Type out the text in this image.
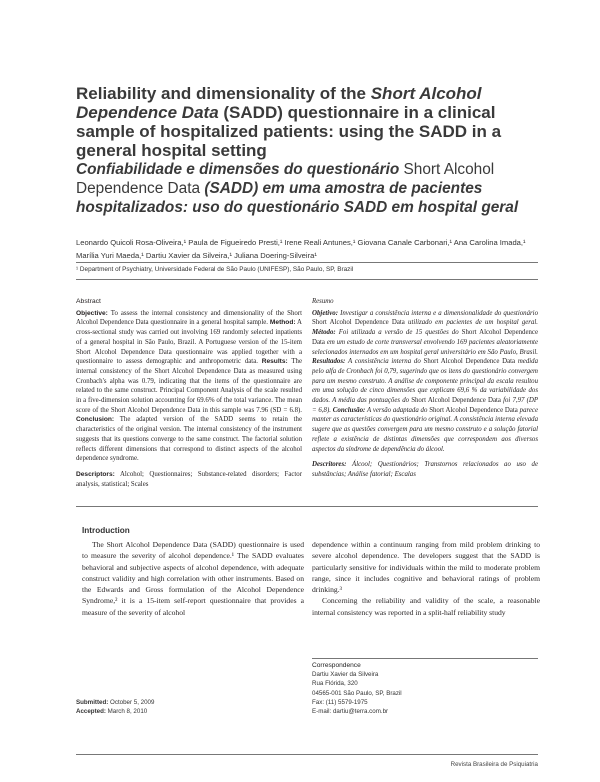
Reliability and dimensionality of the Short Alcohol Dependence Data (SADD) questionnaire in a clinical sample of hospitalized patients: using the SADD in a general hospital setting
Confiabilidade e dimensões do questionário Short Alcohol Dependence Data (SADD) em uma amostra de pacientes hospitalizados: uso do questionário SADD em hospital geral
Leonardo Quicoli Rosa-Oliveira,¹ Paula de Figueiredo Presti,¹ Irene Reali Antunes,¹ Giovana Canale Carbonari,¹ Ana Carolina Imada,¹ Marília Yuri Maeda,¹ Dartiu Xavier da Silveira,¹ Juliana Doering-Silveira¹
¹ Department of Psychiatry, Universidade Federal de São Paulo (UNIFESP), São Paulo, SP, Brazil
Abstract
Objective: To assess the internal consistency and dimensionality of the Short Alcohol Dependence Data questionnaire in a general hospital sample. Method: A cross-sectional study was carried out involving 169 randomly selected inpatients of a general hospital in São Paulo, Brazil. A Portuguese version of the 15-item Short Alcohol Dependence Data questionnaire was applied together with a questionnaire to assess demographic and anthropometric data. Results: The internal consistency of the Short Alcohol Dependence Data as measured using Cronbach's alpha was 0.79, indicating that the items of the questionnaire are related to the same construct. Principal Component Analysis of the scale resulted in a five-dimension solution accounting for 69.6% of the total variance. The mean score of the Short Alcohol Dependence Data in this sample was 7.96 (SD = 6.8). Conclusion: The adapted version of the SADD seems to retain the characteristics of the original version. The internal consistency of the instrument suggests that its questions converge to the same construct. The factorial solution reflects different dimensions that correspond to distinct aspects of the alcohol dependence syndrome.
Descriptors: Alcohol; Questionnaires; Substance-related disorders; Factor analysis, statistical; Scales
Resumo
Objetivo: Investigar a consistência interna e a dimensionalidade do questionário Short Alcohol Dependence Data utilizado em pacientes de um hospital geral. Método: Foi utilizada a versão de 15 questões do Short Alcohol Dependence Data em um estudo de corte transversal envolvendo 169 pacientes aleatoriamente selecionados internados em um hospital geral universitário em São Paulo, Brasil. Resultados: A consistência interna do Short Alcohol Dependence Data medida pelo alfa de Cronbach foi 0,79, sugerindo que os itens do questionário convergem para um mesmo construto. A análise de componente principal da escala resultou em uma solução de cinco dimensões que explicam 69,6 % da variabilidade dos dados. A média das pontuações do Short Alcohol Dependence Data foi 7,97 (DP = 6,8). Conclusão: A versão adaptada do Short Alcohol Dependence Data parece manter as características do questionário original. A consistência interna elevada sugere que as questões convergem para um mesmo construto e a solução fatorial reflete a existência de distintas dimensões que correspondem aos diversos aspectos da síndrome de dependência do álcool.
Descritores: Álcool; Questionários; Transtornos relacionados ao uso de substâncias; Análise fatorial; Escalas
Introduction
The Short Alcohol Dependence Data (SADD) questionnaire is used to measure the severity of alcohol dependence.¹ The SADD evaluates behavioral and subjective aspects of alcohol dependence, with adequate construct validity and high correlation with other instruments. Based on the Edwards and Gross formulation of the Alcohol Dependence Syndrome,² it is a 15-item self-report questionnaire that provides a measure of the severity of alcohol
dependence within a continuum ranging from mild problem drinking to severe alcohol dependence. The developers suggest that the SADD is particularly sensitive for individuals within the mild to moderate problem range, since it includes cognitive and behavioral ratings of problem drinking.³
Concerning the reliability and validity of the scale, a reasonable internal consistency was reported in a split-half reliability study
Correspondence
Dartiu Xavier da Silveira
Rua Flórida, 320
04565-001 São Paulo, SP, Brazil
Fax: (11) 5579-1975
E-mail: dartiu@terra.com.br
Submitted: October 5, 2009
Accepted: March 8, 2010
Revista Brasileira de Psiquiatria
